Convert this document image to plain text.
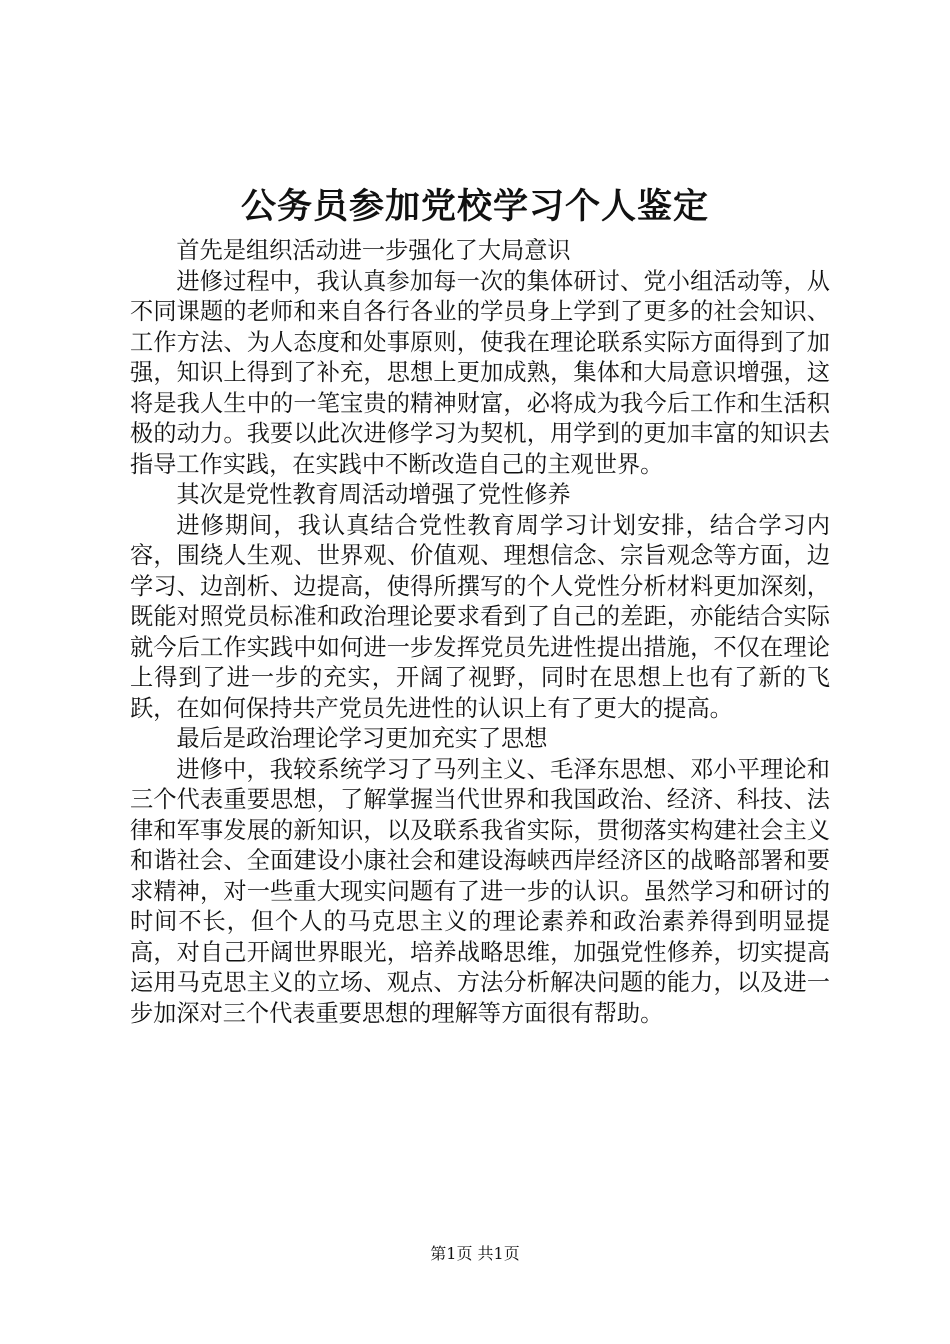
公务员参加党校学习个人鉴定

首先是组织活动进一步强化了大局意识

进修过程中，我认真参加每一次的集体研讨、党小组活动等，从不同课题的老师和来自各行各业的学员身上学到了更多的社会知识、工作方法、为人态度和处事原则，使我在理论联系实际方面得到了加强，知识上得到了补充，思想上更加成熟，集体和大局意识增强，这将是我人生中的一笔宝贵的精神财富，必将成为我今后工作和生活积极的动力。我要以此次进修学习为契机，用学到的更加丰富的知识去指导工作实践，在实践中不断改造自己的主观世界。

其次是党性教育周活动增强了党性修养

进修期间，我认真结合党性教育周学习计划安排，结合学习内容，围绕人生观、世界观、价值观、理想信念、宗旨观念等方面，边学习、边剖析、边提高，使得所撰写的个人党性分析材料更加深刻，既能对照党员标准和政治理论要求看到了自己的差距，亦能结合实际就今后工作实践中如何进一步发挥党员先进性提出措施，不仅在理论上得到了进一步的充实，开阔了视野，同时在思想上也有了新的飞跃，在如何保持共产党员先进性的认识上有了更大的提高。

最后是政治理论学习更加充实了思想

进修中，我较系统学习了马列主义、毛泽东思想、邓小平理论和三个代表重要思想，了解掌握当代世界和我国政治、经济、科技、法律和军事发展的新知识，以及联系我省实际，贯彻落实构建社会主义和谐社会、全面建设小康社会和建设海峡西岸经济区的战略部署和要求精神，对一些重大现实问题有了进一步的认识。虽然学习和研讨的时间不长，但个人的马克思主义的理论素养和政治素养得到明显提高，对自己开阔世界眼光，培养战略思维，加强党性修养，切实提高运用马克思主义的立场、观点、方法分析解决问题的能力，以及进一步加深对三个代表重要思想的理解等方面很有帮助。

第1页 共1页
